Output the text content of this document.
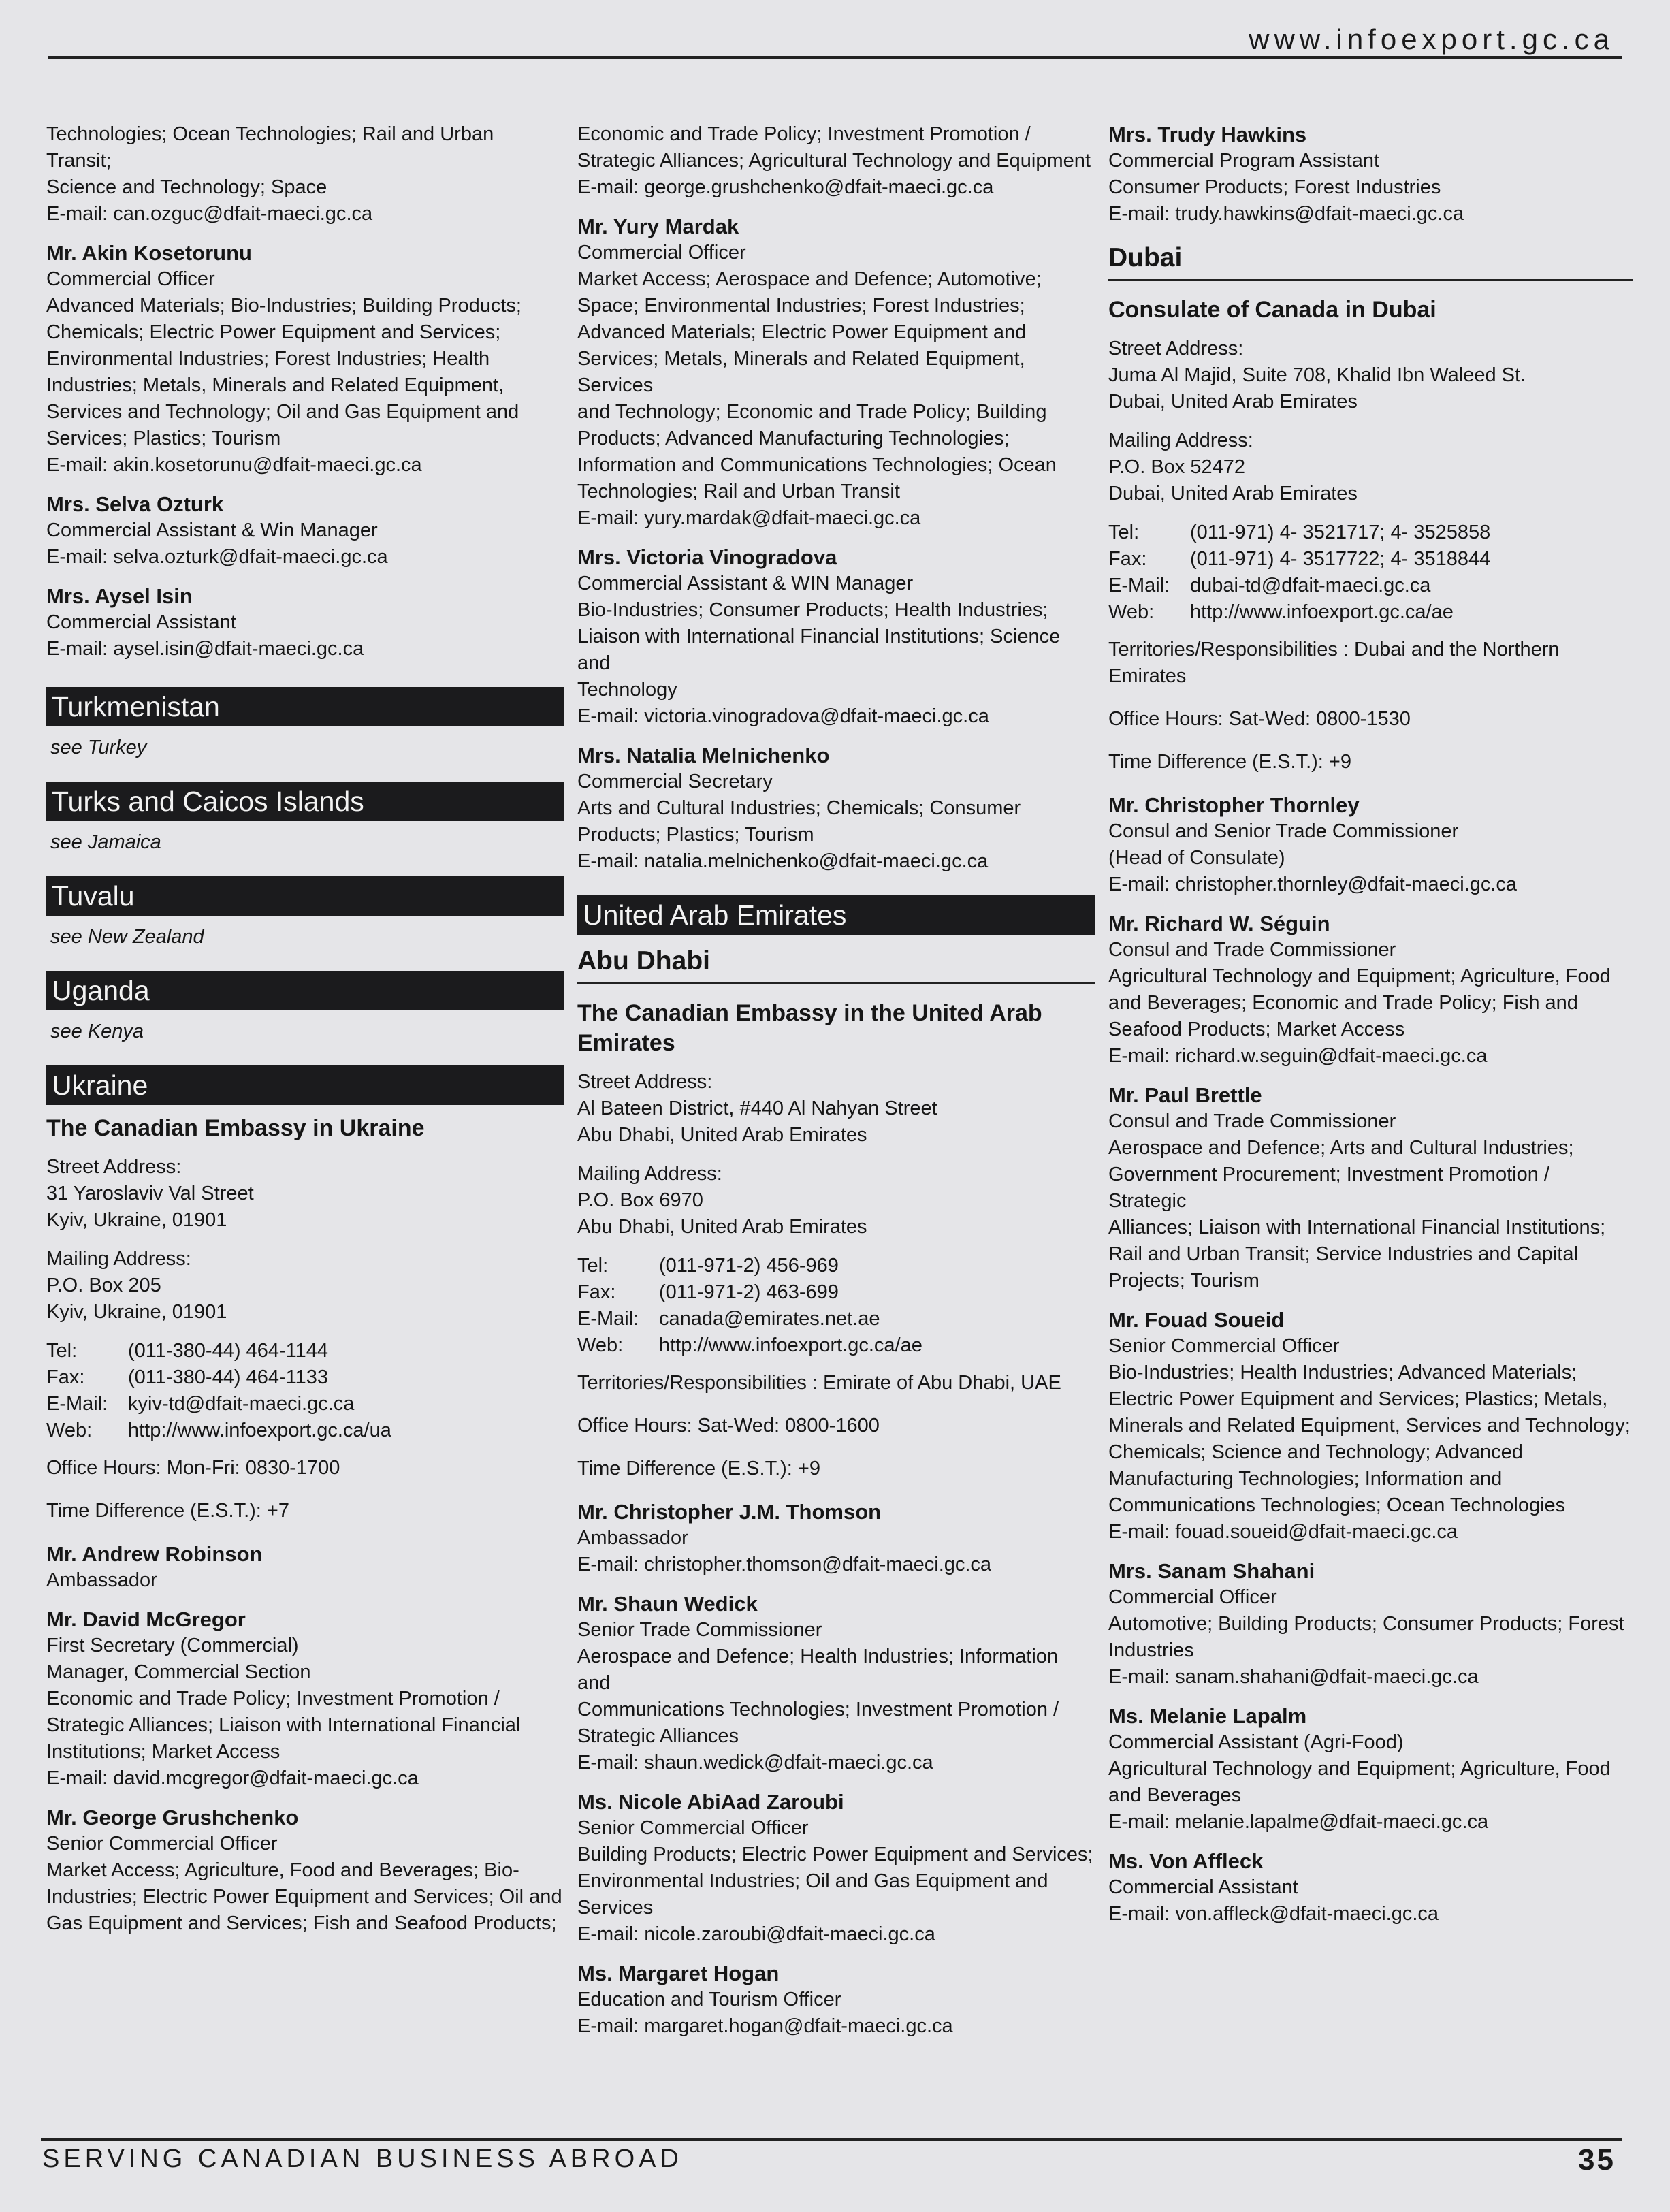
www.infoexport.gc.ca
Technologies; Ocean Technologies; Rail and Urban Transit;
Science and Technology; Space
E-mail: can.ozguc@dfait-maeci.gc.ca
Mr. Akin Kosetorunu
Commercial Officer
Advanced Materials; Bio-Industries; Building Products;
Chemicals; Electric Power Equipment and Services;
Environmental Industries; Forest Industries; Health
Industries; Metals, Minerals and Related Equipment,
Services and Technology; Oil and Gas Equipment and
Services; Plastics; Tourism
E-mail: akin.kosetorunu@dfait-maeci.gc.ca
Mrs. Selva Ozturk
Commercial Assistant & Win Manager
E-mail: selva.ozturk@dfait-maeci.gc.ca
Mrs. Aysel Isin
Commercial Assistant
E-mail: aysel.isin@dfait-maeci.gc.ca
Turkmenistan
see Turkey
Turks and Caicos Islands
see Jamaica
Tuvalu
see New Zealand
Uganda
see Kenya
Ukraine
The Canadian Embassy in Ukraine
Street Address:
31 Yaroslaviv Val Street
Kyiv, Ukraine, 01901
Mailing Address:
P.O. Box 205
Kyiv, Ukraine, 01901
Tel:	(011-380-44) 464-1144
Fax:	(011-380-44) 464-1133
E-Mail:	kyiv-td@dfait-maeci.gc.ca
Web:	http://www.infoexport.gc.ca/ua
Office Hours: Mon-Fri: 0830-1700
Time Difference (E.S.T.): +7
Mr. Andrew Robinson
Ambassador
Mr. David McGregor
First Secretary (Commercial)
Manager, Commercial Section
Economic and Trade Policy; Investment Promotion /
Strategic Alliances; Liaison with International Financial
Institutions; Market Access
E-mail: david.mcgregor@dfait-maeci.gc.ca
Mr. George Grushchenko
Senior Commercial Officer
Market Access; Agriculture, Food and Beverages; Bio-
Industries; Electric Power Equipment and Services; Oil and
Gas Equipment and Services; Fish and Seafood Products;
Economic and Trade Policy; Investment Promotion /
Strategic Alliances; Agricultural Technology and Equipment
E-mail: george.grushchenko@dfait-maeci.gc.ca
Mr. Yury Mardak
Commercial Officer
Market Access; Aerospace and Defence; Automotive;
Space; Environmental Industries; Forest Industries;
Advanced Materials; Electric Power Equipment and
Services; Metals, Minerals and Related Equipment, Services
and Technology; Economic and Trade Policy; Building
Products; Advanced Manufacturing Technologies;
Information and Communications Technologies; Ocean
Technologies; Rail and Urban Transit
E-mail: yury.mardak@dfait-maeci.gc.ca
Mrs. Victoria Vinogradova
Commercial Assistant & WIN Manager
Bio-Industries; Consumer Products; Health Industries;
Liaison with International Financial Institutions; Science and
Technology
E-mail: victoria.vinogradova@dfait-maeci.gc.ca
Mrs. Natalia Melnichenko
Commercial Secretary
Arts and Cultural Industries; Chemicals; Consumer
Products; Plastics; Tourism
E-mail: natalia.melnichenko@dfait-maeci.gc.ca
United Arab Emirates
Abu Dhabi
The Canadian Embassy in the United Arab Emirates
Street Address:
Al Bateen District, #440 Al Nahyan Street
Abu Dhabi, United Arab Emirates
Mailing Address:
P.O. Box 6970
Abu Dhabi, United Arab Emirates
Tel:	(011-971-2) 456-969
Fax:	(011-971-2) 463-699
E-Mail:	canada@emirates.net.ae
Web:	http://www.infoexport.gc.ca/ae
Territories/Responsibilities : Emirate of Abu Dhabi, UAE
Office Hours: Sat-Wed: 0800-1600
Time Difference (E.S.T.): +9
Mr. Christopher J.M. Thomson
Ambassador
E-mail: christopher.thomson@dfait-maeci.gc.ca
Mr. Shaun Wedick
Senior Trade Commissioner
Aerospace and Defence; Health Industries; Information and
Communications Technologies; Investment Promotion /
Strategic Alliances
E-mail: shaun.wedick@dfait-maeci.gc.ca
Ms. Nicole AbiAad Zaroubi
Senior Commercial Officer
Building Products; Electric Power Equipment and Services;
Environmental Industries; Oil and Gas Equipment and
Services
E-mail: nicole.zaroubi@dfait-maeci.gc.ca
Ms. Margaret Hogan
Education and Tourism Officer
E-mail: margaret.hogan@dfait-maeci.gc.ca
Mrs. Trudy Hawkins
Commercial Program Assistant
Consumer Products; Forest Industries
E-mail: trudy.hawkins@dfait-maeci.gc.ca
Dubai
Consulate of Canada in Dubai
Street Address:
Juma Al Majid, Suite 708, Khalid Ibn Waleed St.
Dubai, United Arab Emirates
Mailing Address:
P.O. Box 52472
Dubai, United Arab Emirates
Tel:	(011-971) 4- 3521717; 4- 3525858
Fax:	(011-971) 4- 3517722; 4- 3518844
E-Mail:	dubai-td@dfait-maeci.gc.ca
Web:	http://www.infoexport.gc.ca/ae
Territories/Responsibilities : Dubai and the Northern Emirates
Office Hours: Sat-Wed: 0800-1530
Time Difference (E.S.T.): +9
Mr. Christopher Thornley
Consul and Senior Trade Commissioner
(Head of Consulate)
E-mail: christopher.thornley@dfait-maeci.gc.ca
Mr. Richard W. Séguin
Consul and Trade Commissioner
Agricultural Technology and Equipment; Agriculture, Food
and Beverages; Economic and Trade Policy; Fish and
Seafood Products; Market Access
E-mail: richard.w.seguin@dfait-maeci.gc.ca
Mr. Paul Brettle
Consul and Trade Commissioner
Aerospace and Defence; Arts and Cultural Industries;
Government Procurement; Investment Promotion / Strategic
Alliances; Liaison with International Financial Institutions;
Rail and Urban Transit; Service Industries and Capital
Projects; Tourism
Mr. Fouad Soueid
Senior Commercial Officer
Bio-Industries; Health Industries; Advanced Materials;
Electric Power Equipment and Services; Plastics; Metals,
Minerals and Related Equipment, Services and Technology;
Chemicals; Science and Technology; Advanced
Manufacturing Technologies; Information and
Communications Technologies; Ocean Technologies
E-mail: fouad.soueid@dfait-maeci.gc.ca
Mrs. Sanam Shahani
Commercial Officer
Automotive; Building Products; Consumer Products; Forest
Industries
E-mail: sanam.shahani@dfait-maeci.gc.ca
Ms. Melanie Lapalm
Commercial Assistant (Agri-Food)
Agricultural Technology and Equipment; Agriculture, Food
and Beverages
E-mail: melanie.lapalme@dfait-maeci.gc.ca
Ms. Von Affleck
Commercial Assistant
E-mail: von.affleck@dfait-maeci.gc.ca
SERVING CANADIAN BUSINESS ABROAD	35
